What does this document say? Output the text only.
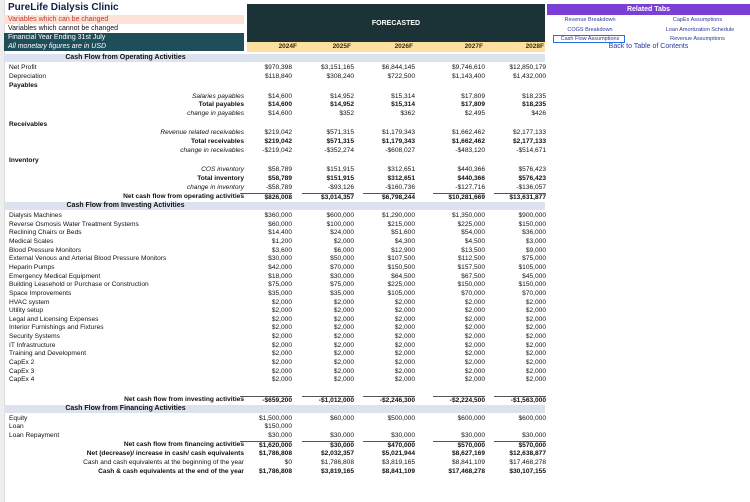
PureLife Dialysis Clinic
Variables which can be changed
Variables which cannot be changed
Financial Year Ending 31st July
All monetary figures are in USD
FORECASTED
2024F	2025F	2026F	2027F	2028F
Related Tabs
Revenue Breakdown	CapEx Assumptions
COGS Breakdown	Loan Amortization Schedule
Cash Flow Assumptions	Revenue Assumptions
Back to Table of Contents
Cash Flow from Operating Activities
Cash Flow from Investing Activities
Cash Flow from Financing Activities
Net Profit	$970,398	$3,151,165	$6,844,145	$9,746,610	$12,850,179
Depreciation	$118,840	$308,240	$722,500	$1,143,400	$1,432,000
Payables
Salaries payables	$14,600	$14,952	$15,314	$17,809	$18,235
Total payables	$14,600	$14,952	$15,314	$17,809	$18,235
change in payables	$14,600	$352	$362	$2,495	$426
Receivables
Revenue related receivables	$219,042	$571,315	$1,179,343	$1,662,462	$2,177,133
Total receivables	$219,042	$571,315	$1,179,343	$1,662,462	$2,177,133
change in receivables	-$219,042	-$352,274	-$608,027	-$483,120	-$514,671
Inventory
COS inventory	$58,789	$151,915	$312,651	$440,366	$576,423
Total inventory	$58,789	$151,915	$312,651	$440,366	$576,423
change in inventory	-$58,789	-$93,126	-$160,736	-$127,716	-$136,057
Net cash flow from operating activities	$826,008	$3,014,357	$6,798,244	$10,281,669	$13,631,877
Dialysis Machines	$360,000	$600,000	$1,290,000	$1,350,000	$900,000
Reverse Osmosis Water Treatment Systems	$60,000	$100,000	$215,000	$225,000	$150,000
Reclining Chairs or Beds	$14,400	$24,000	$51,600	$54,000	$36,000
Medical Scales	$1,200	$2,000	$4,300	$4,500	$3,000
Blood Pressure Monitors	$3,600	$6,000	$12,900	$13,500	$9,000
External Venous and Arterial Blood Pressure Monitors	$30,000	$50,000	$107,500	$112,500	$75,000
Heparin Pumps	$42,000	$70,000	$150,500	$157,500	$105,000
Emergency Medical Equipment	$18,000	$30,000	$64,500	$67,500	$45,000
Building Leasehold or Purchase or Construction	$75,000	$75,000	$225,000	$150,000	$150,000
Space Improvements	$35,000	$35,000	$105,000	$70,000	$70,000
HVAC system	$2,000	$2,000	$2,000	$2,000	$2,000
Utility setup	$2,000	$2,000	$2,000	$2,000	$2,000
Legal and Licensing Expenses	$2,000	$2,000	$2,000	$2,000	$2,000
Interior Furnishings and Fixtures	$2,000	$2,000	$2,000	$2,000	$2,000
Security Systems	$2,000	$2,000	$2,000	$2,000	$2,000
IT Infrastructure	$2,000	$2,000	$2,000	$2,000	$2,000
Training and Development	$2,000	$2,000	$2,000	$2,000	$2,000
CapEx 2	$2,000	$2,000	$2,000	$2,000	$2,000
CapEx 3	$2,000	$2,000	$2,000	$2,000	$2,000
CapEx 4	$2,000	$2,000	$2,000	$2,000	$2,000
Net cash flow from investing activities	-$659,200	-$1,012,000	-$2,246,300	-$2,224,500	-$1,563,000
Equity	$1,500,000	$60,000	$500,000	$600,000	$600,000
Loan	$150,000
Loan Repayment	$30,000	$30,000	$30,000	$30,000	$30,000
Net cash flow from financing activities	$1,620,000	$30,000	$470,000	$570,000	$570,000
Net (decrease)/ increase in cash/ cash equivalents	$1,786,808	$2,032,357	$5,021,944	$8,627,169	$12,638,877
Cash and cash equivalents at the beginning of the year	$0	$1,786,808	$3,819,165	$8,841,109	$17,468,278
Cash & cash equivalents at the end of the year	$1,786,808	$3,819,165	$8,841,109	$17,468,278	$30,107,155
